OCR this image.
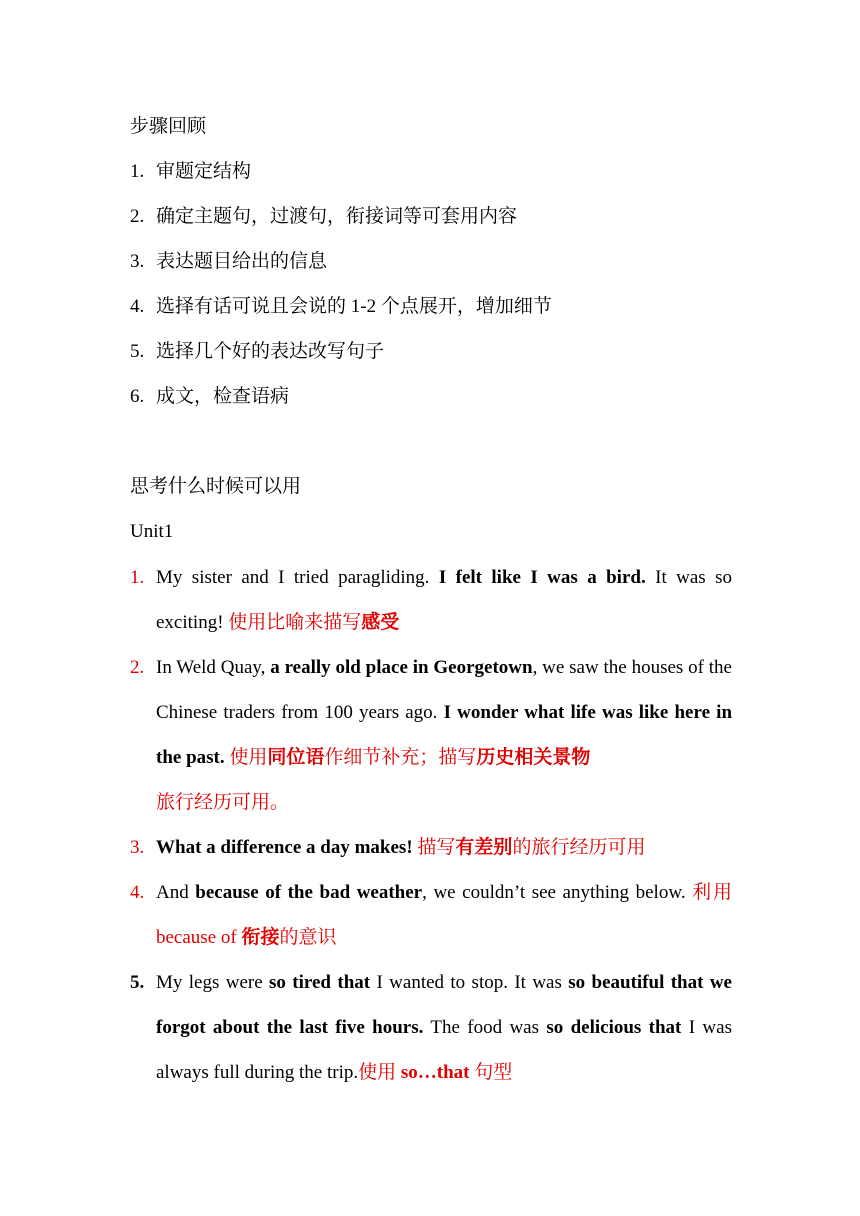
步骤回顾
1. 审题定结构
2. 确定主题句，过渡句，衔接词等可套用内容
3. 表达题目给出的信息
4. 选择有话可说且会说的 1-2 个点展开，增加细节
5. 选择几个好的表达改写句子
6. 成文，检查语病
思考什么时候可以用
Unit1
1. My sister and I tried paragliding. I felt like I was a bird. It was so exciting! 使用比喻来描写感受
2. In Weld Quay, a really old place in Georgetown, we saw the houses of the Chinese traders from 100 years ago. I wonder what life was like here in the past. 使用同位语作细节补充；描写历史相关景物
旅行经历可用。
3. What a difference a day makes! 描写有差别的旅行经历可用
4. And because of the bad weather, we couldn’t see anything below. 利用 because of 衔接的意识
5. My legs were so tired that I wanted to stop. It was so beautiful that we forgot about the last five hours. The food was so delicious that I was always full during the trip.使用 so…that 句型
